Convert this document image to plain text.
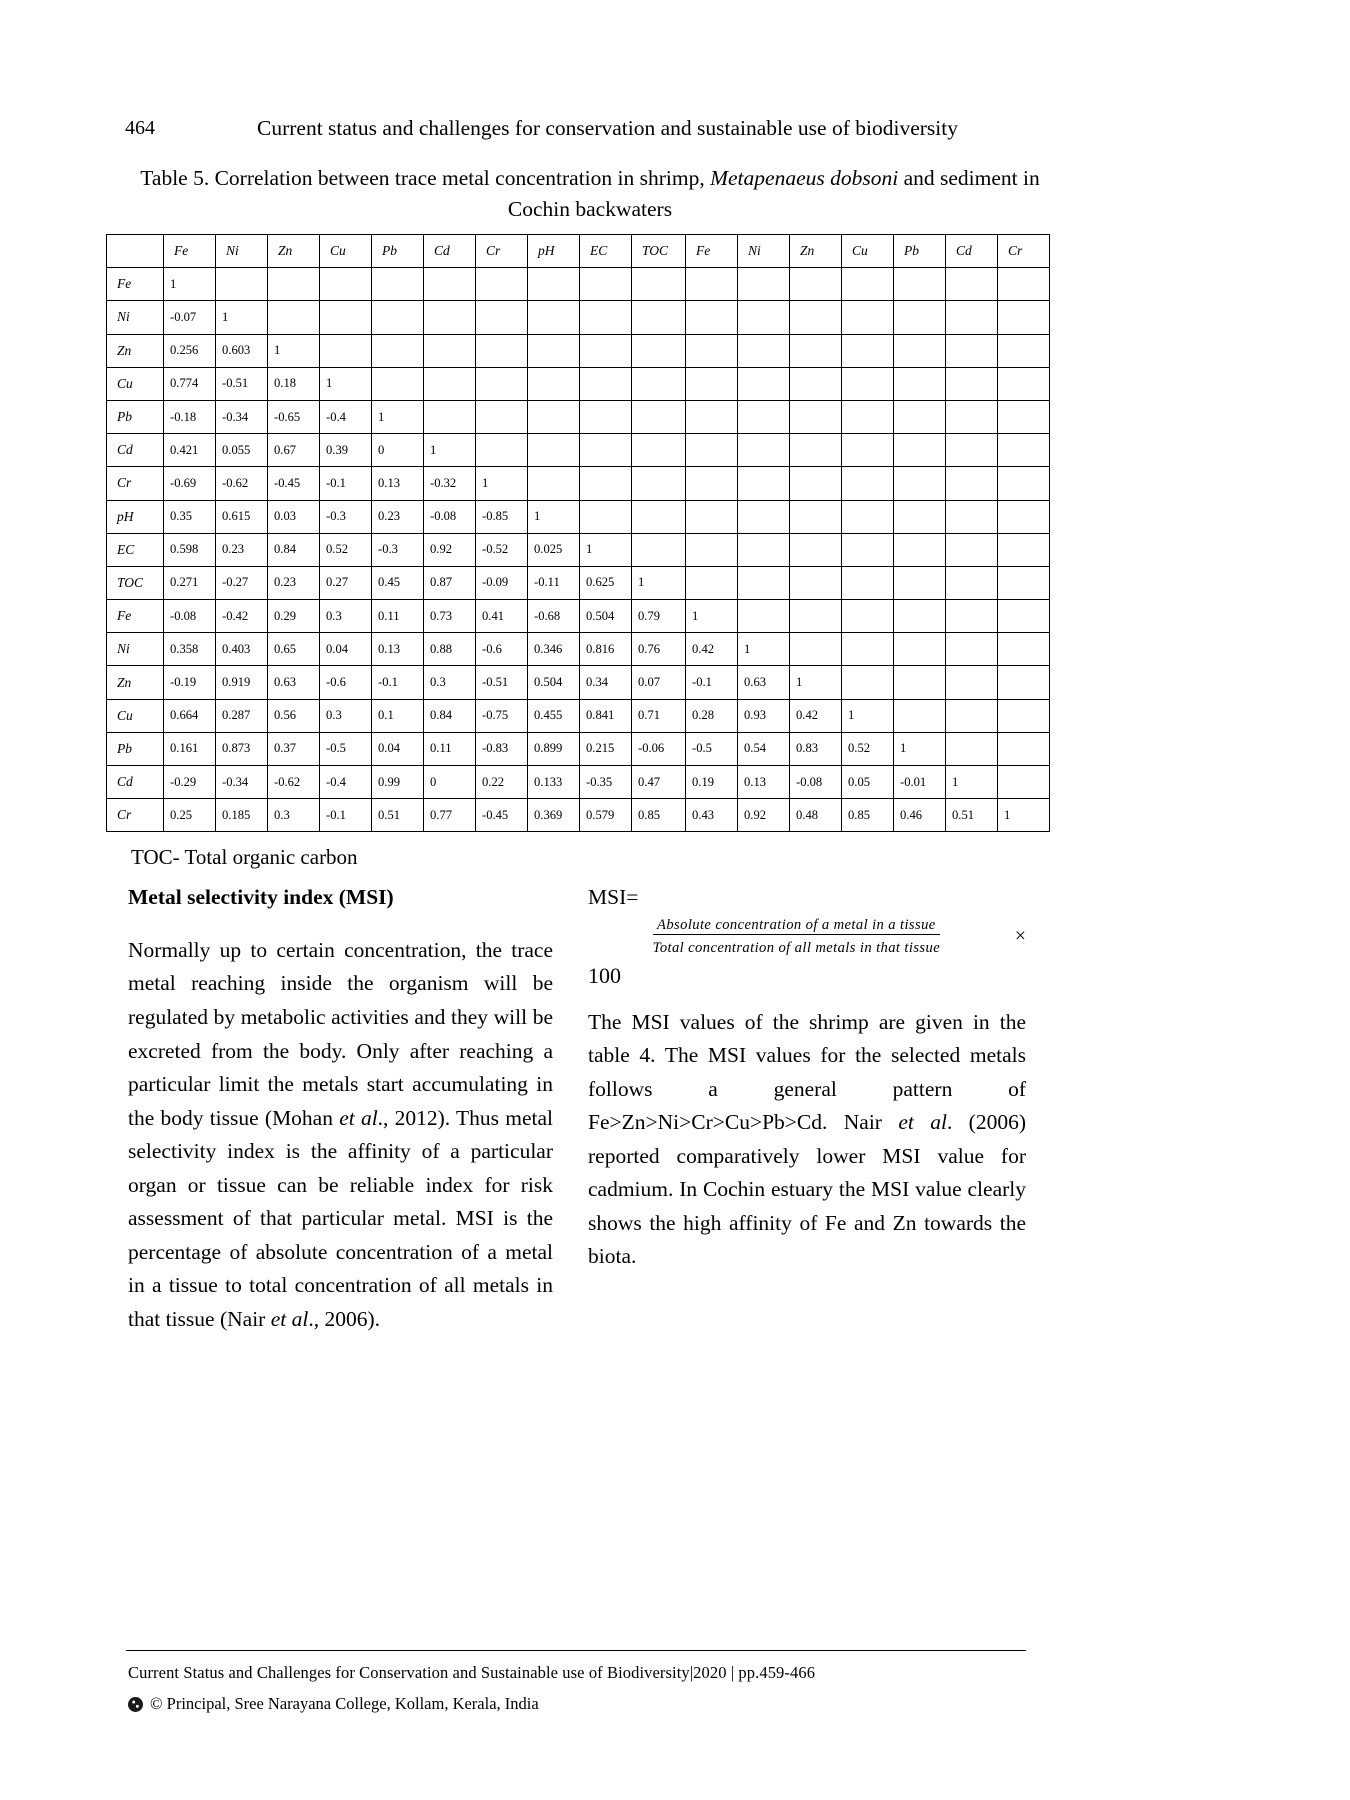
464	Current status and challenges for conservation and sustainable use of biodiversity
Table 5. Correlation between trace metal concentration in shrimp, Metapenaeus dobsoni and sediment in Cochin backwaters
	Fe	Ni	Zn	Cu	Pb	Cd	Cr	pH	EC	TOC	Fe	Ni	Zn	Cu	Pb	Cd	Cr
Fe	1																
Ni	-0.07	1															
Zn	0.256	0.603	1														
Cu	0.774	-0.51	0.18	1													
Pb	-0.18	-0.34	-0.65	-0.4	1												
Cd	0.421	0.055	0.67	0.39	0	1											
Cr	-0.69	-0.62	-0.45	-0.1	0.13	-0.32	1										
pH	0.35	0.615	0.03	-0.3	0.23	-0.08	-0.85	1									
EC	0.598	0.23	0.84	0.52	-0.3	0.92	-0.52	0.025	1								
TOC	0.271	-0.27	0.23	0.27	0.45	0.87	-0.09	-0.11	0.625	1							
Fe	-0.08	-0.42	0.29	0.3	0.11	0.73	0.41	-0.68	0.504	0.79	1						
Ni	0.358	0.403	0.65	0.04	0.13	0.88	-0.6	0.346	0.816	0.76	0.42	1					
Zn	-0.19	0.919	0.63	-0.6	-0.1	0.3	-0.51	0.504	0.34	0.07	-0.1	0.63	1				
Cu	0.664	0.287	0.56	0.3	0.1	0.84	-0.75	0.455	0.841	0.71	0.28	0.93	0.42	1			
Pb	0.161	0.873	0.37	-0.5	0.04	0.11	-0.83	0.899	0.215	-0.06	-0.5	0.54	0.83	0.52	1		
Cd	-0.29	-0.34	-0.62	-0.4	0.99	0	0.22	0.133	-0.35	0.47	0.19	0.13	-0.08	0.05	-0.01	1	
Cr	0.25	0.185	0.3	-0.1	0.51	0.77	-0.45	0.369	0.579	0.85	0.43	0.92	0.48	0.85	0.46	0.51	1
TOC- Total organic carbon
Metal selectivity index (MSI)

Normally up to certain concentration, the trace metal reaching inside the organism will be regulated by metabolic activities and they will be excreted from the body. Only after reaching a particular limit the metals start accumulating in the body tissue (Mohan et al., 2012). Thus metal selectivity index is the affinity of a particular organ or tissue can be reliable index for risk assessment of that particular metal. MSI is the percentage of absolute concentration of a metal in a tissue to total concentration of all metals in that tissue (Nair et al., 2006).

MSI=
$\frac{\text{Absolute concentration of a metal in a tissue}}{\text{Total concentration of all metals in that tissue}}$ ×
100

The MSI values of the shrimp are given in the table 4. The MSI values for the selected metals follows a general pattern of Fe>Zn>Ni>Cr>Cu>Pb>Cd. Nair et al. (2006) reported comparatively lower MSI value for cadmium. In Cochin estuary the MSI value clearly shows the high affinity of Fe and Zn towards the biota.

Current Status and Challenges for Conservation and Sustainable use of Biodiversity|2020 | pp.459-466
© Principal, Sree Narayana College, Kollam, Kerala, India
